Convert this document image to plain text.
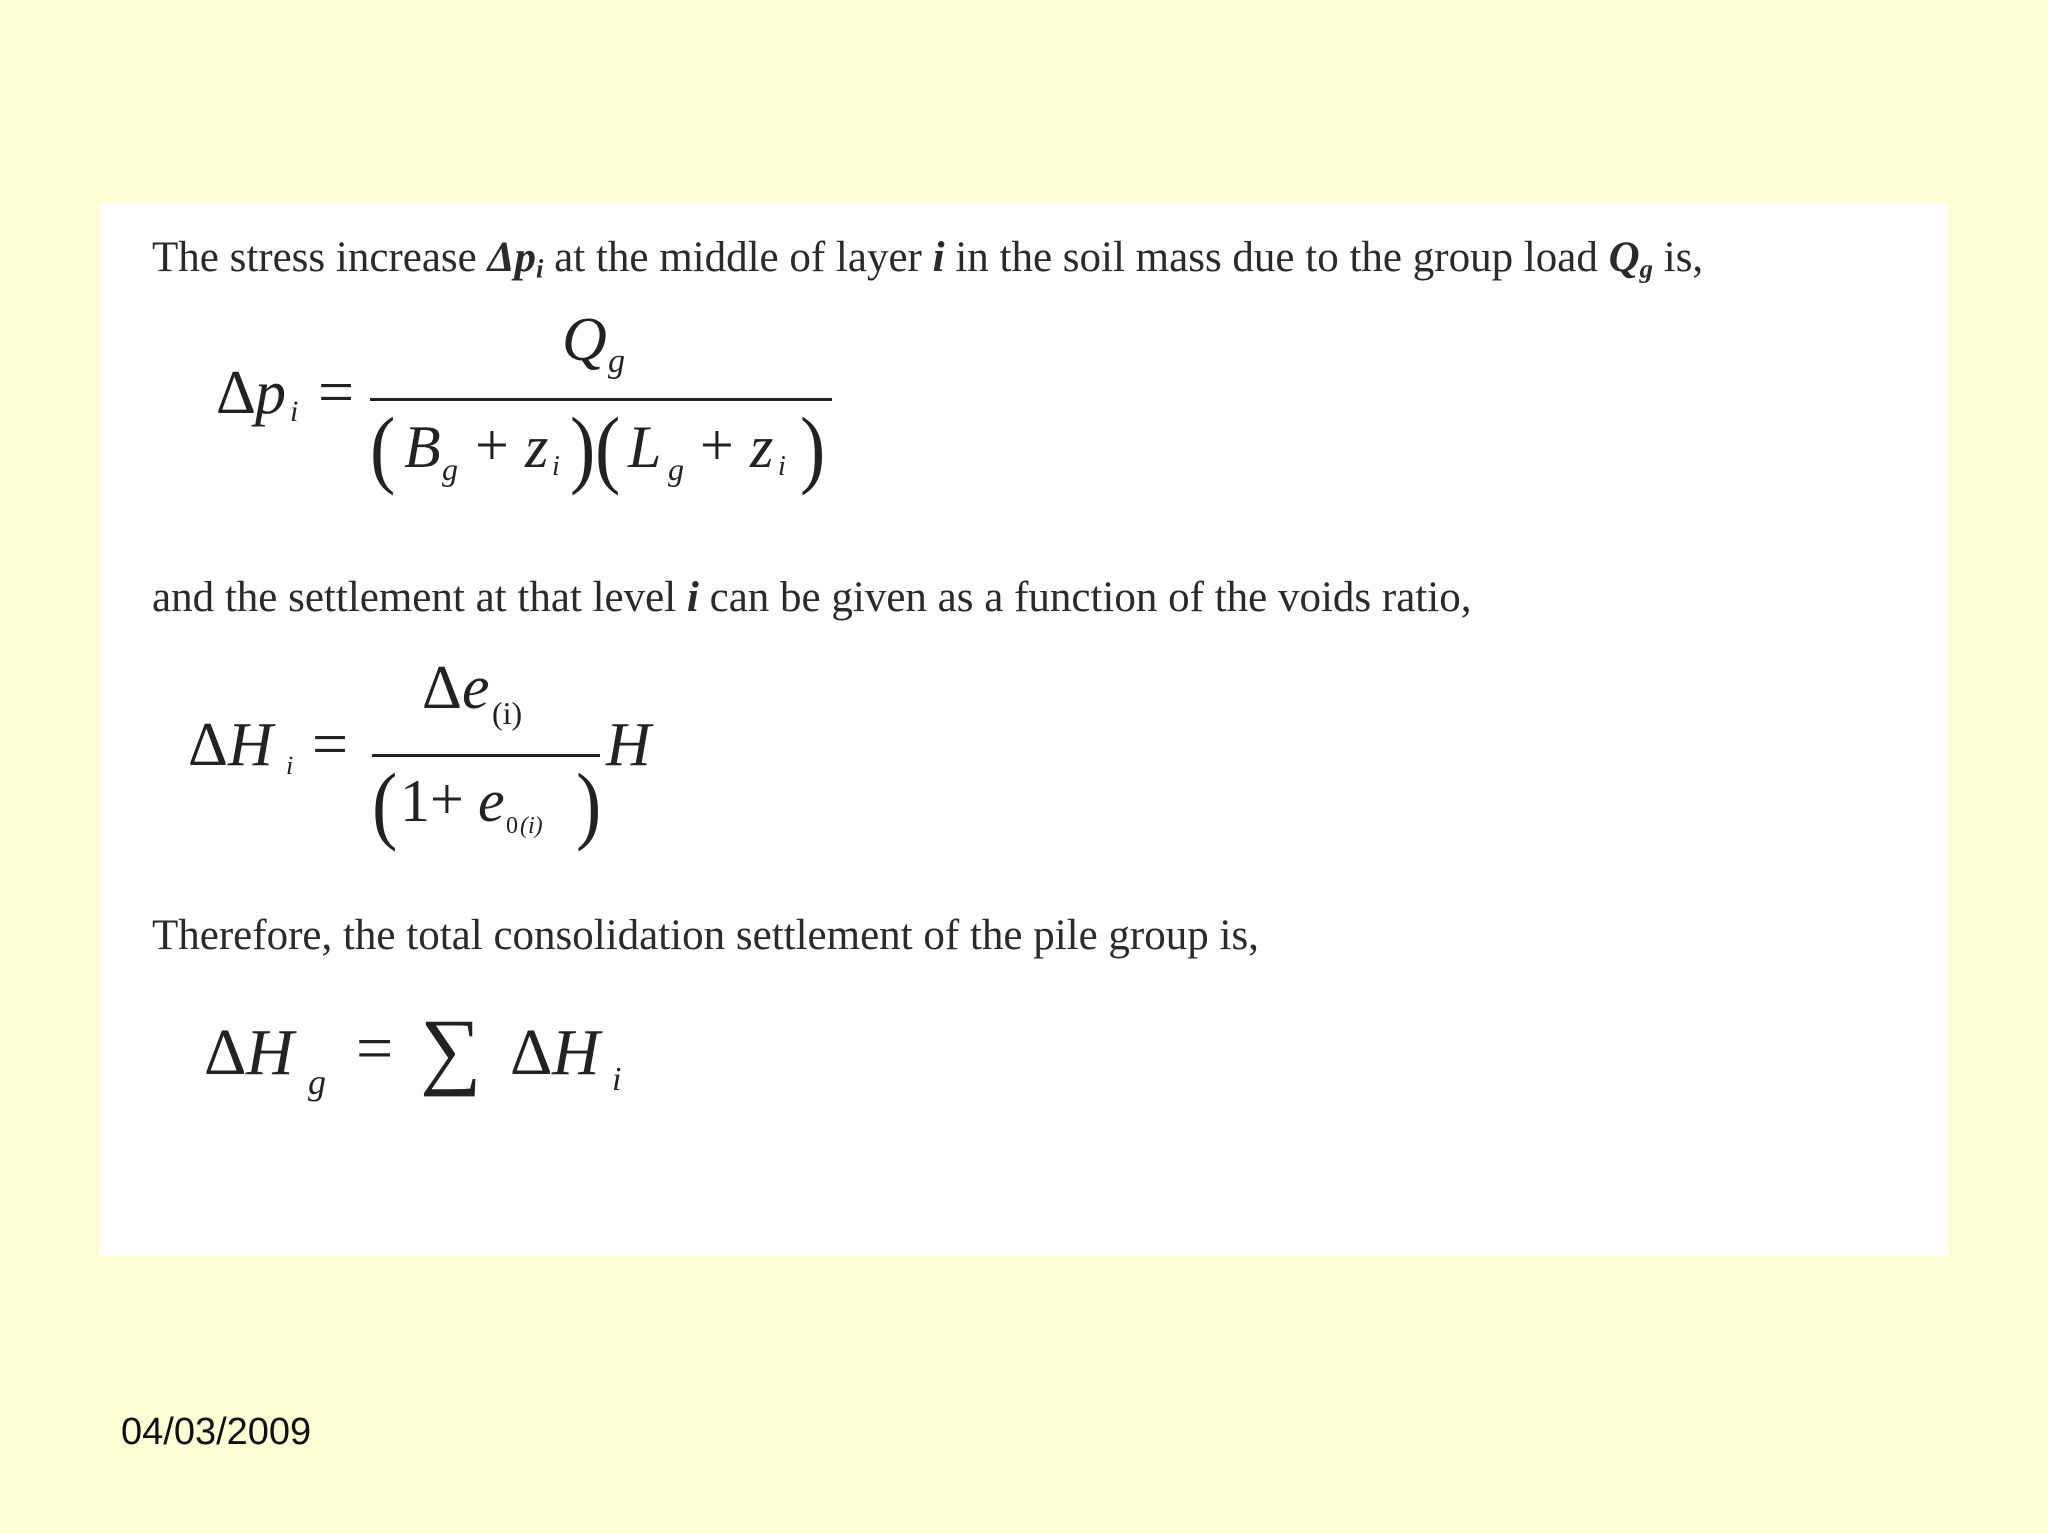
The stress increase $\Delta p_i$ at the middle of layer i in the soil mass due to the group load $Q_g$ is,
Δ p i =
Q g
( B g + z i ) ( L g + z i )
and the settlement at that level i can be given as a function of the voids ratio,
Δ H i =
Δ e (i)
( 1 + e 0 (i) )
H
Therefore, the total consolidation settlement of the pile group is,
Δ H g = ∑ Δ H i
04/03/2009
